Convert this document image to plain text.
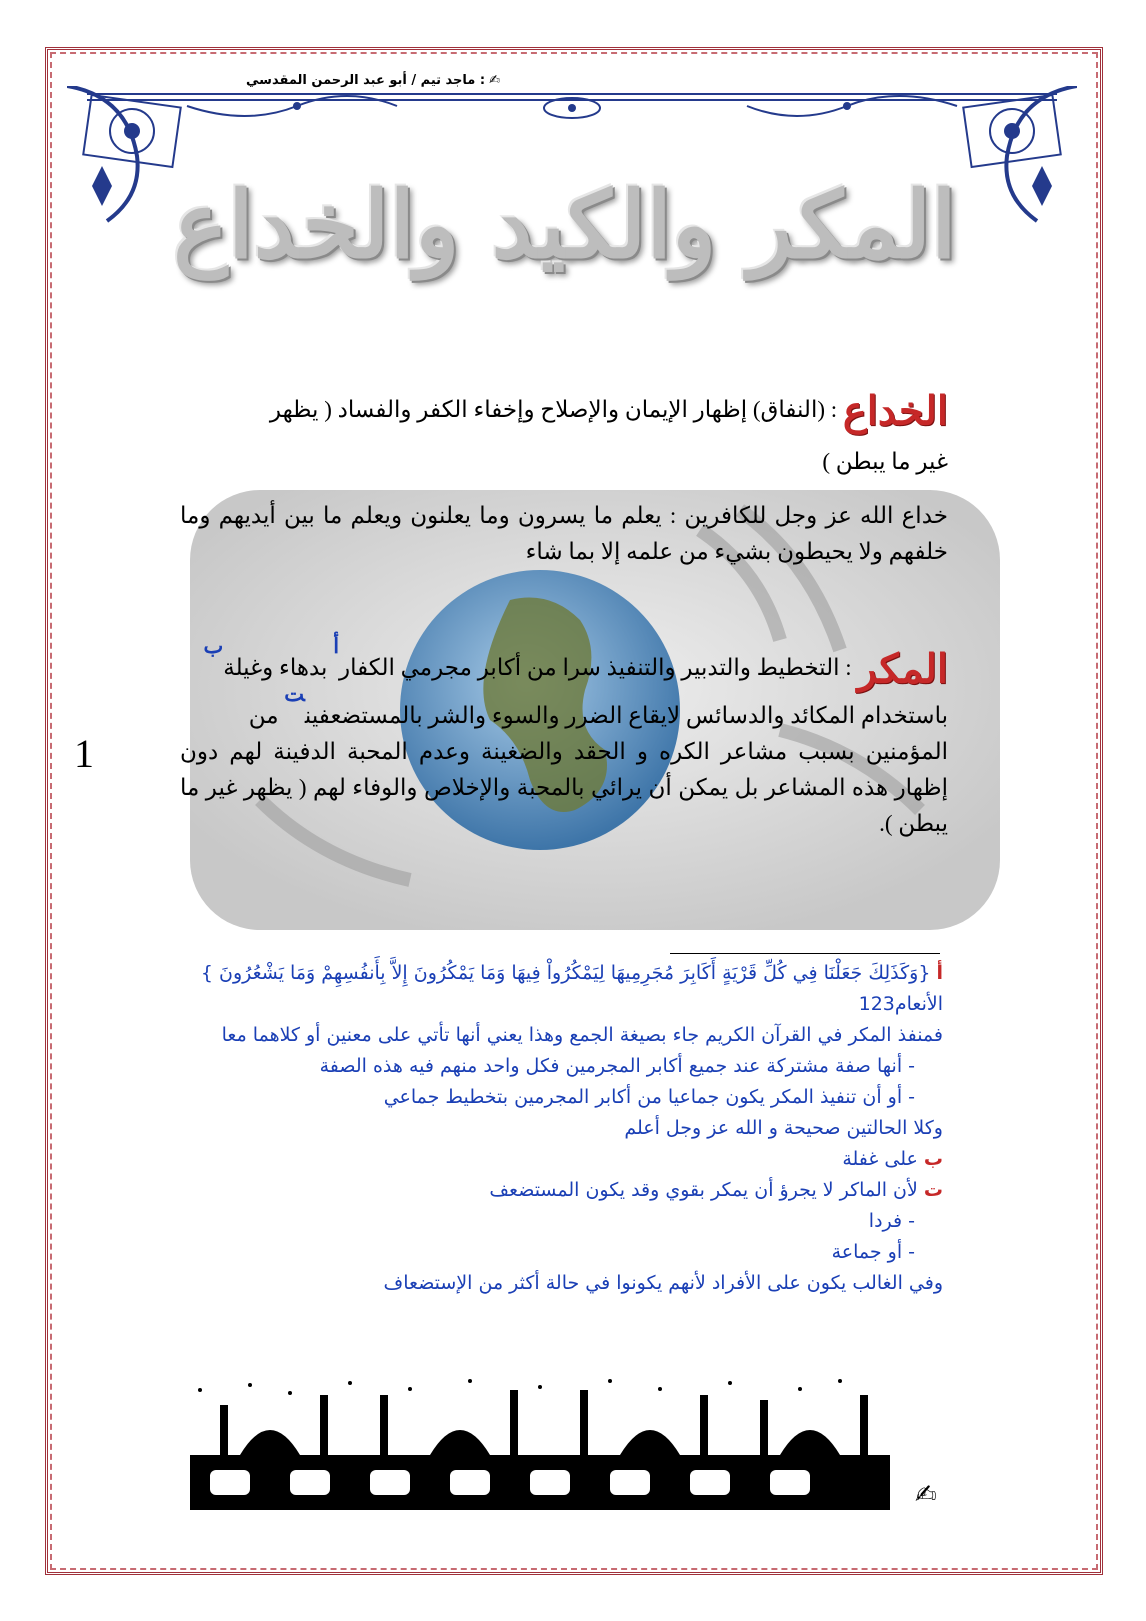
✍: ماجد تيم / أبو عبد الرحمن المقدسي
المكر والكيد والخداع
1
الخداع : (النفاق) إظهار الإيمان والإصلاح وإخفاء الكفر والفساد ( يظهر
غير ما يبطن )
خداع الله عز وجل للكافرين : يعلم ما يسرون وما يعلنون ويعلم ما بين أيديهم وما خلفهم ولا يحيطون بشيء من علمه إلا بما شاء
المكر : التخطيط والتدبير والتنفيذ سرا من أكابر مجرمي الكفارأ بدهاء وغيلةب
باستخدام المكائد والدسائس لايقاع الضرر والسوء والشر بالمستضعفينت من
المؤمنين بسبب مشاعر الكره و الحقد والضغينة وعدم المحبة الدفينة لهم دون إظهار هذه المشاعر بل يمكن أن يرائي بالمحبة والإخلاص والوفاء لهم ( يظهر غير ما يبطن ).

أ {وَكَذَلِكَ جَعَلْنَا فِي كُلِّ قَرْيَةٍ أَكَابِرَ مُجَرِمِيهَا لِيَمْكُرُواْ فِيهَا وَمَا يَمْكُرُونَ إِلاَّ بِأَنفُسِهِمْ وَمَا يَشْعُرُونَ }الأنعام123

فمنفذ المكر في القرآن الكريم جاء بصيغة الجمع وهذا يعني أنها تأتي على معنين أو كلاهما معا

- أنها صفة مشتركة عند جميع أكابر المجرمين فكل واحد منهم فيه هذه الصفة

- أو أن تنفيذ المكر يكون جماعيا من أكابر المجرمين بتخطيط جماعي

وكلا الحالتين صحيحة و الله عز وجل أعلم

ب على غفلة

ت لأن الماكر لا يجرؤ أن يمكر بقوي وقد يكون المستضعف

- فردا

- أو جماعة

وفي الغالب يكون على الأفراد لأنهم يكونوا في حالة أكثر من الإستضعاف

✍
